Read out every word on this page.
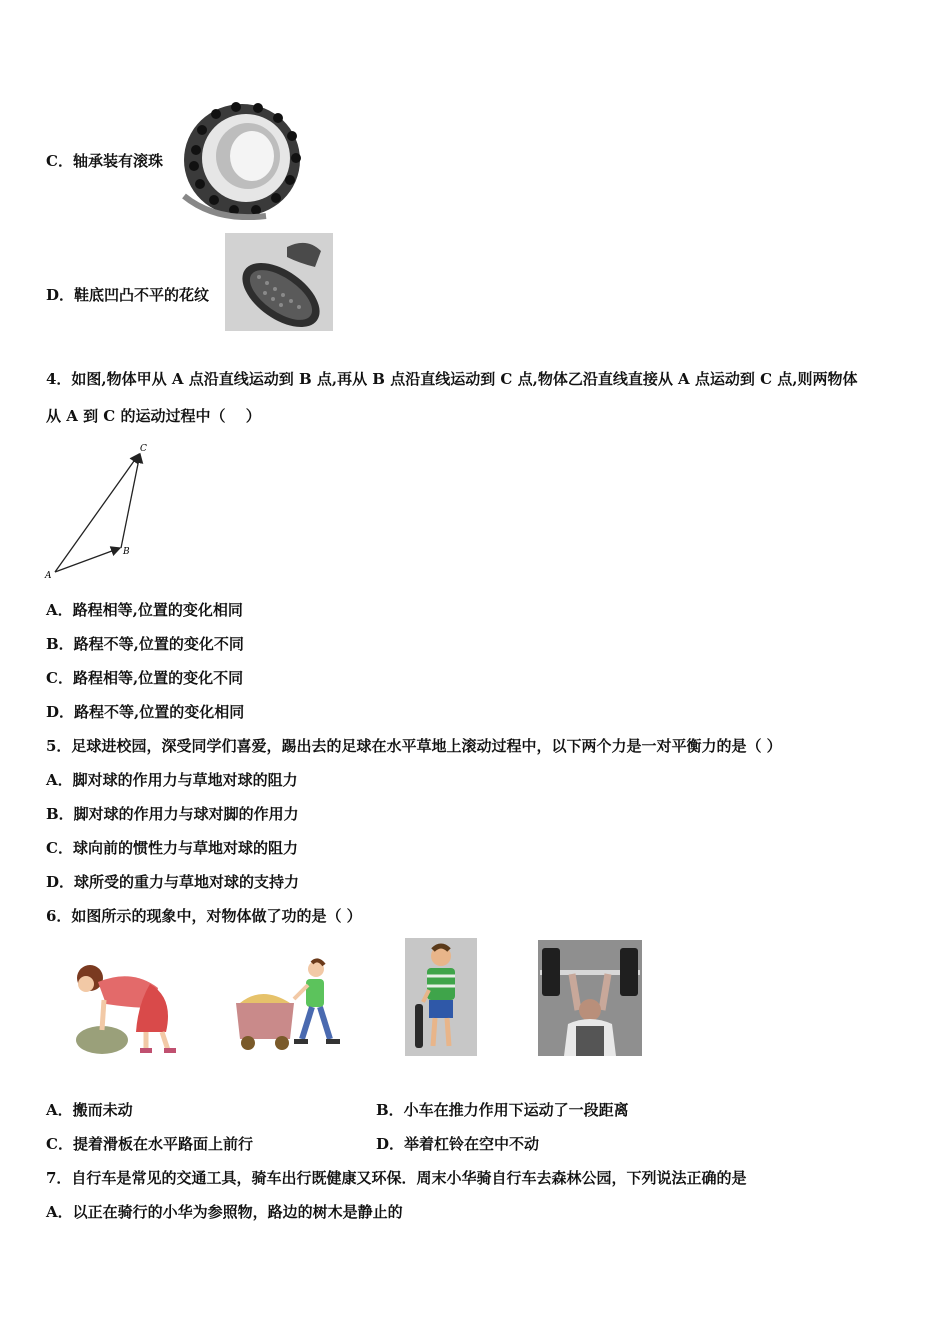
C．轴承装有滚珠
D．鞋底凹凸不平的花纹
4．如图,物体甲从 A 点沿直线运动到 B 点,再从 B 点沿直线运动到 C 点,物体乙沿直线直接从 A 点运动到 C 点,则两物体
从 A 到 C 的运动过程中（　 ）
A
B
C
A．路程相等,位置的变化相同
B．路程不等,位置的变化不同
C．路程相等,位置的变化不同
D．路程不等,位置的变化相同
5．足球进校园，深受同学们喜爱，踢出去的足球在水平草地上滚动过程中，以下两个力是一对平衡力的是（ ）
A．脚对球的作用力与草地对球的阻力
B．脚对球的作用力与球对脚的作用力
C．球向前的惯性力与草地对球的阻力
D．球所受的重力与草地对球的支持力
6．如图所示的现象中，对物体做了功的是（ ）
A．搬而未动	B．小车在推力作用下运动了一段距离
C．提着滑板在水平路面上前行	D．举着杠铃在空中不动
7．自行车是常见的交通工具，骑车出行既健康又环保．周末小华骑自行车去森林公园，下列说法正确的是
A．以正在骑行的小华为参照物，路边的树木是静止的
